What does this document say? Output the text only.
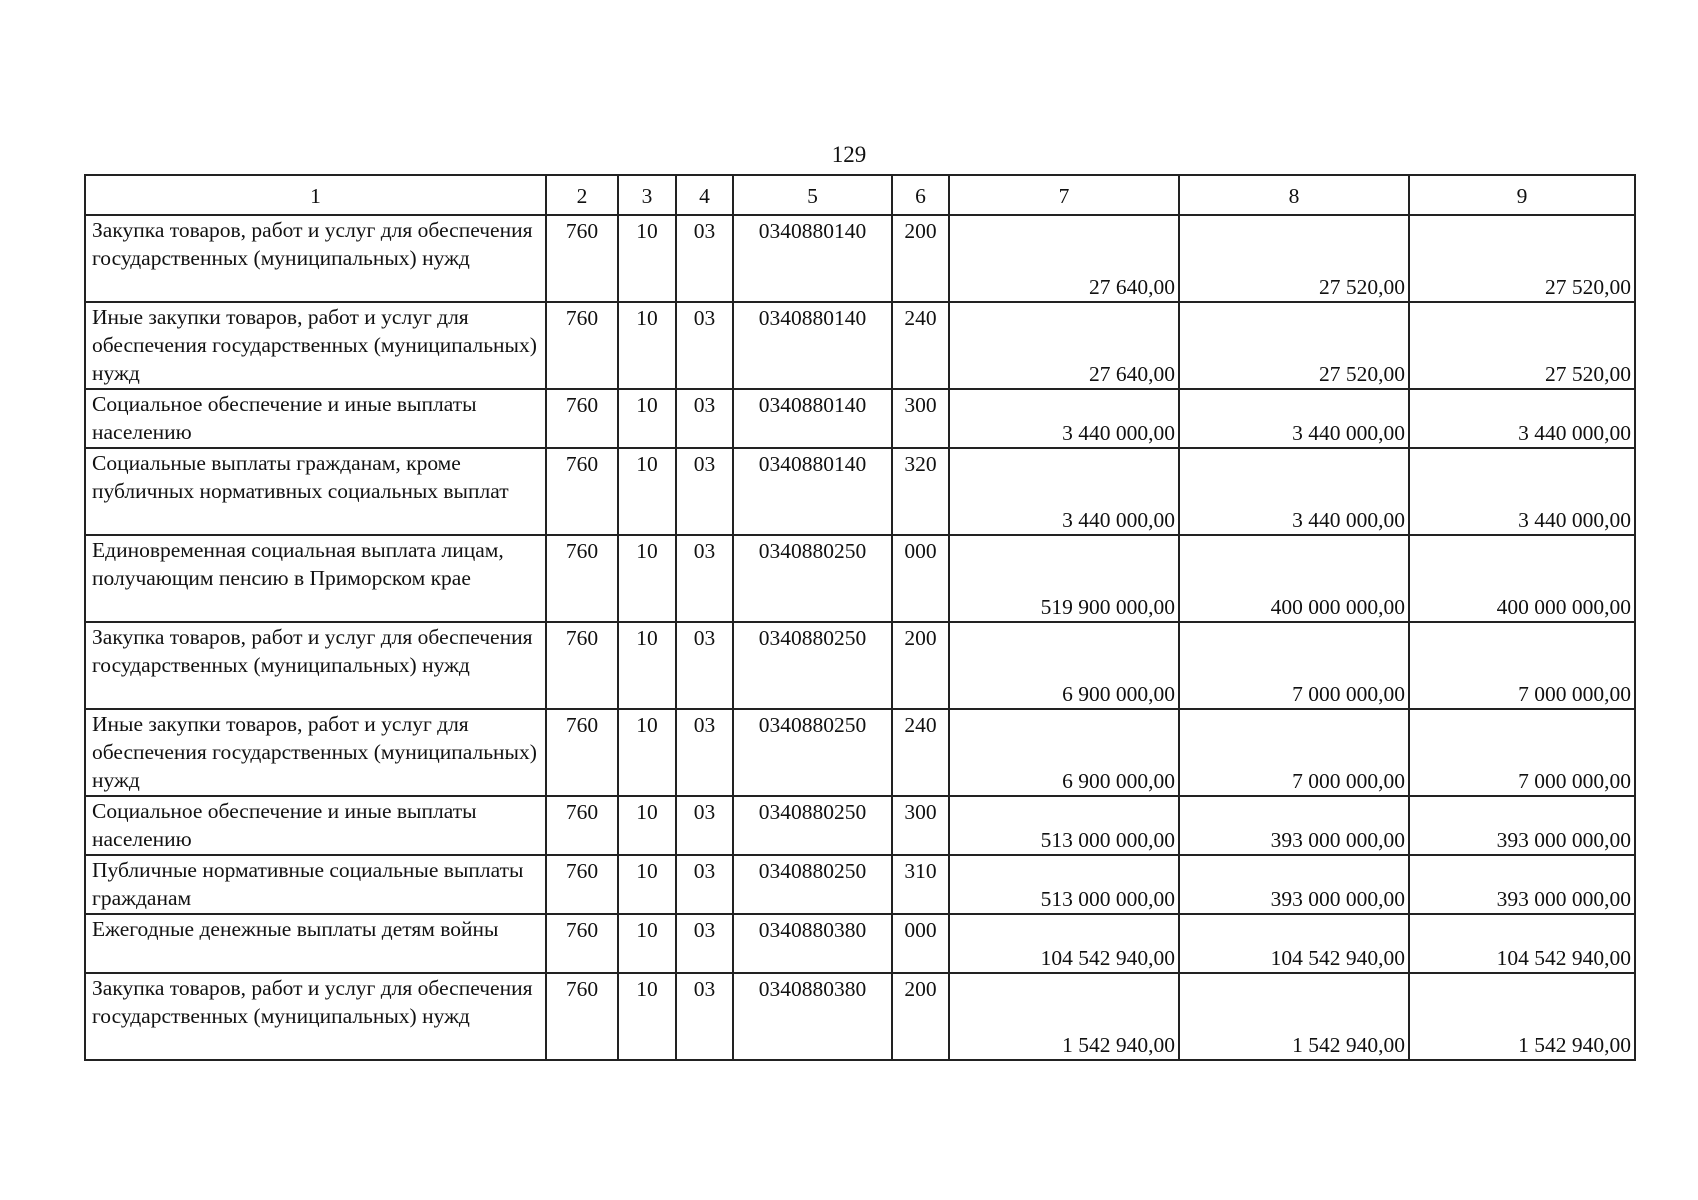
129
1	2	3	4	5	6	7	8	9
Закупка товаров, работ и услуг для обеспечения государственных (муниципальных) нужд	760	10	03	0340880140	200	27 640,00	27 520,00	27 520,00
Иные закупки товаров, работ и услуг для обеспечения государственных (муниципальных) нужд	760	10	03	0340880140	240	27 640,00	27 520,00	27 520,00
Социальное обеспечение и иные выплаты населению	760	10	03	0340880140	300	3 440 000,00	3 440 000,00	3 440 000,00
Социальные выплаты гражданам, кроме публичных нормативных социальных выплат	760	10	03	0340880140	320	3 440 000,00	3 440 000,00	3 440 000,00
Единовременная социальная выплата лицам, получающим пенсию в Приморском крае	760	10	03	0340880250	000	519 900 000,00	400 000 000,00	400 000 000,00
Закупка товаров, работ и услуг для обеспечения государственных (муниципальных) нужд	760	10	03	0340880250	200	6 900 000,00	7 000 000,00	7 000 000,00
Иные закупки товаров, работ и услуг для обеспечения государственных (муниципальных) нужд	760	10	03	0340880250	240	6 900 000,00	7 000 000,00	7 000 000,00
Социальное обеспечение и иные выплаты населению	760	10	03	0340880250	300	513 000 000,00	393 000 000,00	393 000 000,00
Публичные нормативные социальные выплаты гражданам	760	10	03	0340880250	310	513 000 000,00	393 000 000,00	393 000 000,00
Ежегодные денежные выплаты детям войны	760	10	03	0340880380	000	104 542 940,00	104 542 940,00	104 542 940,00
Закупка товаров, работ и услуг для обеспечения государственных (муниципальных) нужд	760	10	03	0340880380	200	1 542 940,00	1 542 940,00	1 542 940,00
